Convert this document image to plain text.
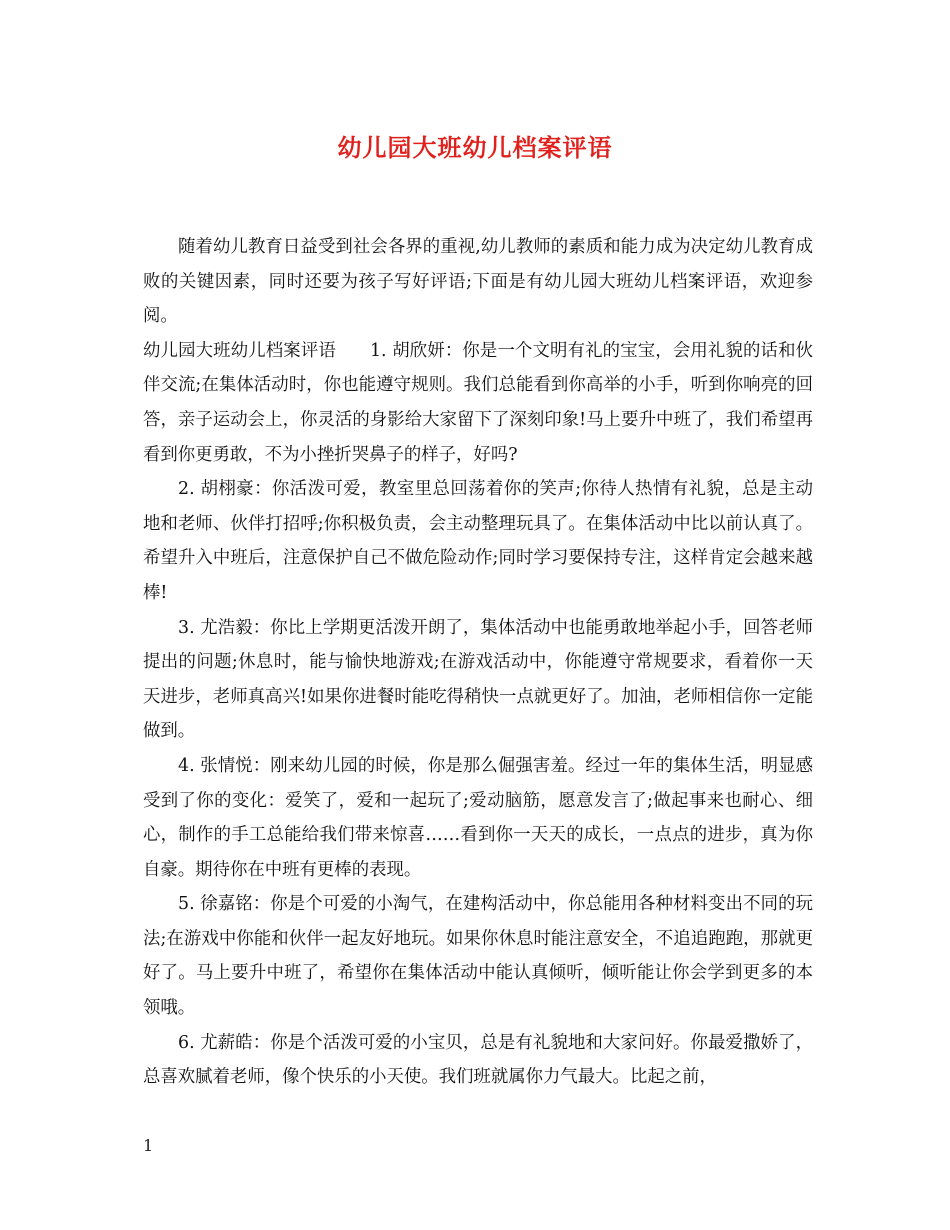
幼儿园大班幼儿档案评语

随着幼儿教育日益受到社会各界的重视,幼儿教师的素质和能力成为决定幼儿教育成败的关键因素，同时还要为孩子写好评语;下面是有幼儿园大班幼儿档案评语，欢迎参阅。

幼儿园大班幼儿档案评语 1. 胡欣妍：你是一个文明有礼的宝宝，会用礼貌的话和伙伴交流;在集体活动时，你也能遵守规则。我们总能看到你高举的小手，听到你响亮的回答，亲子运动会上，你灵活的身影给大家留下了深刻印象!马上要升中班了，我们希望再看到你更勇敢，不为小挫折哭鼻子的样子，好吗?

2. 胡栩豪：你活泼可爱，教室里总回荡着你的笑声;你待人热情有礼貌，总是主动地和老师、伙伴打招呼;你积极负责，会主动整理玩具了。在集体活动中比以前认真了。希望升入中班后，注意保护自己不做危险动作;同时学习要保持专注，这样肯定会越来越棒!

3. 尤浩毅：你比上学期更活泼开朗了，集体活动中也能勇敢地举起小手，回答老师提出的问题;休息时，能与愉快地游戏;在游戏活动中，你能遵守常规要求，看着你一天天进步，老师真高兴!如果你进餐时能吃得稍快一点就更好了。加油，老师相信你一定能做到。

4. 张情悦：刚来幼儿园的时候，你是那么倔强害羞。经过一年的集体生活，明显感受到了你的变化：爱笑了，爱和一起玩了;爱动脑筋，愿意发言了;做起事来也耐心、细心，制作的手工总能给我们带来惊喜……看到你一天天的成长，一点点的进步，真为你自豪。期待你在中班有更棒的表现。

5. 徐嘉铭：你是个可爱的小淘气，在建构活动中，你总能用各种材料变出不同的玩法;在游戏中你能和伙伴一起友好地玩。如果你休息时能注意安全，不追追跑跑，那就更好了。马上要升中班了，希望你在集体活动中能认真倾听，倾听能让你会学到更多的本领哦。

6. 尤薪皓：你是个活泼可爱的小宝贝，总是有礼貌地和大家问好。你最爱撒娇了，总喜欢腻着老师，像个快乐的小天使。我们班就属你力气最大。比起之前，

1
